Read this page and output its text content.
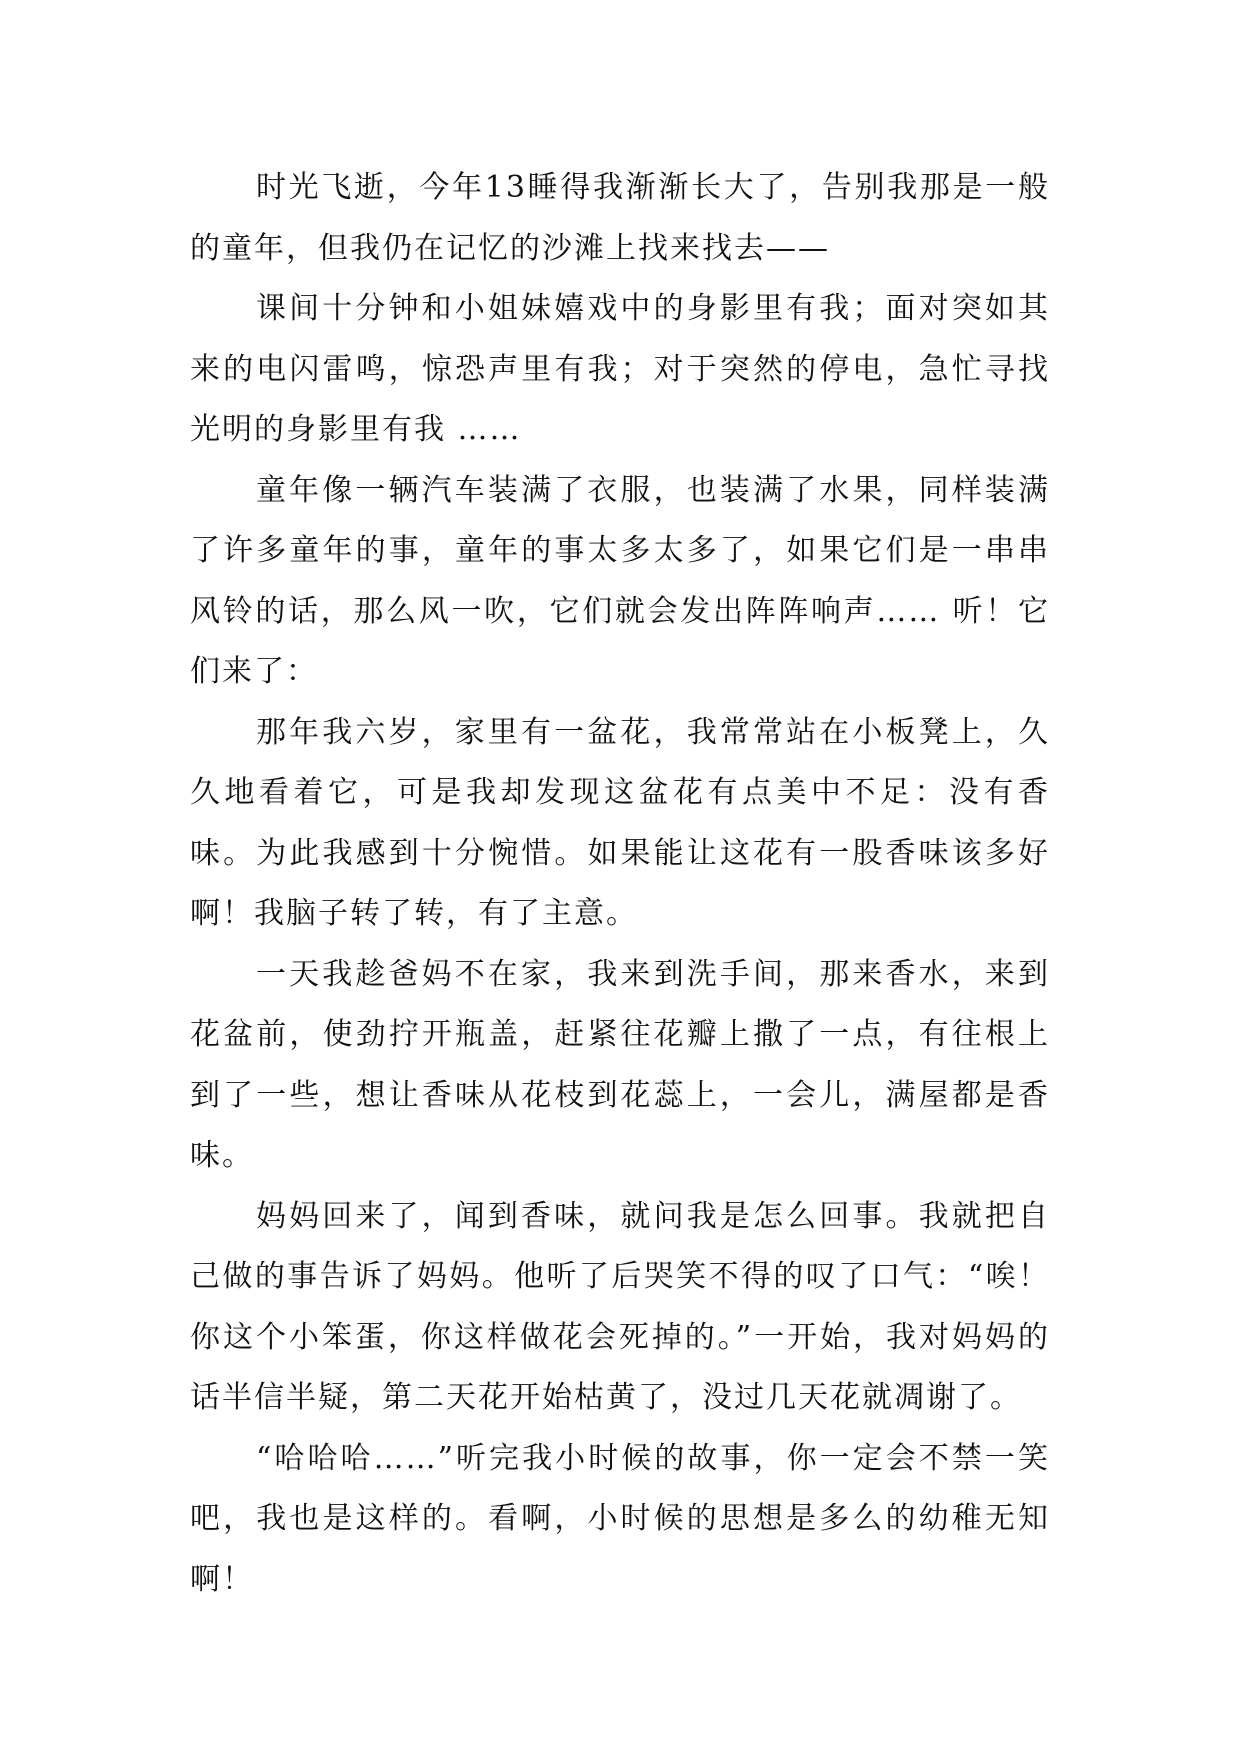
时光飞逝，今年13睡得我渐渐长大了，告别我那是一般的童年，但我仍在记忆的沙滩上找来找去——

课间十分钟和小姐妹嬉戏中的身影里有我；面对突如其来的电闪雷鸣，惊恐声里有我；对于突然的停电，急忙寻找光明的身影里有我 ……

童年像一辆汽车装满了衣服，也装满了水果，同样装满了许多童年的事，童年的事太多太多了，如果它们是一串串风铃的话，那么风一吹，它们就会发出阵阵响声…… 听！它们来了：

那年我六岁，家里有一盆花，我常常站在小板凳上，久久地看着它，可是我却发现这盆花有点美中不足：没有香味。为此我感到十分惋惜。如果能让这花有一股香味该多好啊！我脑子转了转，有了主意。

一天我趁爸妈不在家，我来到洗手间，那来香水，来到花盆前，使劲拧开瓶盖，赶紧往花瓣上撒了一点，有往根上到了一些，想让香味从花枝到花蕊上，一会儿，满屋都是香味。

妈妈回来了，闻到香味，就问我是怎么回事。我就把自己做的事告诉了妈妈。他听了后哭笑不得的叹了口气：“唉！你这个小笨蛋，你这样做花会死掉的。”一开始，我对妈妈的话半信半疑，第二天花开始枯黄了，没过几天花就凋谢了。

“哈哈哈……”听完我小时候的故事，你一定会不禁一笑吧，我也是这样的。看啊，小时候的思想是多么的幼稚无知啊！
